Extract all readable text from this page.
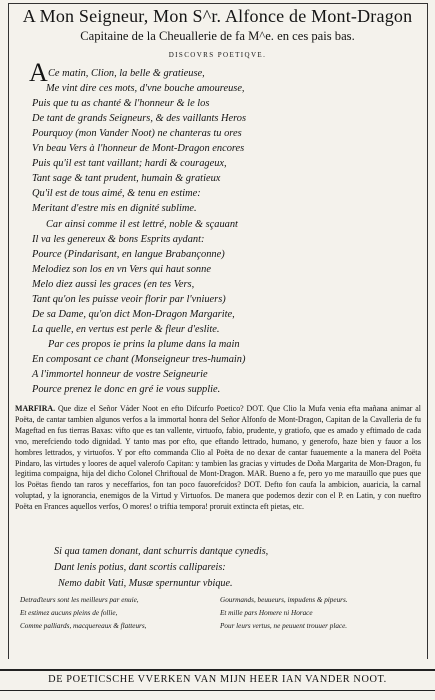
A Mon Seigneur, Mon S^r. Alfonce de Mont-Dragon
Capitaine de la Cheuallerie de fa M^e. en ces pais bas.
DISCOVRS POETIQVE.
A Ce matin, Clion, la belle & gratieuse,
Me vint dire ces mots, d'vne bouche amoureuse,
Puis que tu as chanté & l'honneur & le los
De tant de grands Seigneurs, & des vaillants Heros
Pourquoy (mon Vander Noot) ne chanteras tu ores
Vn beau Vers à l'honneur de Mont-Dragon encores
Puis qu'il est tant vaillant; hardi & courageux,
Tant sage & tant prudent, humain & gratieux
Qu'il est de tous aimé, & tenu en estime:
Meritant d'estre mis en dignité sublime.
Car ainsi comme il est lettré, noble & sçauant
Il va les genereux & bons Esprits aydant:
Pource (Pindarisant, en langue Brabançonne)
Melodiez son los en vn Vers qui haut sonne
Melo diez aussi les graces (en tes Vers,
Tant qu'on les puisse veoir florir par l'vniuers)
De sa Dame, qu'on dict Mon-Dragon Margarite,
La quelle, en vertus est perle & fleur d'eslite.
Par ces propos ie prins la plume dans la main
En composant ce chant (Monseigneur tres-humain)
A l'immortel honneur de vostre Seigneurie
Pource prenez le donc en gré ie vous supplie.
MARFIRA. Que dize el Señor Váder Noot en efto Difcurfo Poetico? DOT. Que Clio la Mufa venia efta mañana animar al Poëta, de cantar tambien algunos verfos a la immortal honra del Señor Alfonfo de Mont-Dragon, Capitan de la Cavalleria de fu Mageftad en fus tierras Baxas: vifto que es tan vallente, virtuofo, fabio, prudente, y gratiofo, que es amado y eftimado de cada vno, merefciendo todo dignidad. Y tanto mas por efto, que eftando lettrado, humano, y generofo, haze bien y fauor a los hombres lettrados, y virtuofos. Y por efto commanda Clio al Poëta de no dexar de cantar fuauemente a la manera del Poëta Pindaro, las virtudes y loores de aquel valerofo Capitan: y tambien las gracias y virtudes de Doña Margarita de Mon-Dragon, fu legitima compaigna, hija del dicho Colonel Chriftoual de Mont-Dragon. MAR. Bueno a fe, pero yo me marauillo que pues que los Poëtas fiendo tan raros y neceffarios, fon tan poco fauorefcidos? DOT. Defto fon caufa la ambicion, auaricia, la carnal voluptad, y la ignorancia, enemigos de la Virtud y Virtuofos. De manera que podemos dezir con el P. en Latin, y con nueftro Poëta en Frances aquellos verfos, O mores! o triftia tempora! proruit extincta eft pietas, etc.
Si qua tamen donant, dant schurris dantque cynedis,
Dant lenis potius, dant scortis callipareis:
Nemo dabit Vati, Musæ spernuntur vbique.
Detraďteurs sont les meilleurs par enuie,
Et estimez aucuns pleins de follie,
Comme palliards, macquereaux & flatteurs,
Gourmands, beuueurs, impudens & pipeurs.
Et mille pars Homere ni Horace
Pour leurs vertus, ne peuuent trouuer place.
DE POETICSCHE VVERKEN VAN MIJN HEER IAN VANDER NOOT.
